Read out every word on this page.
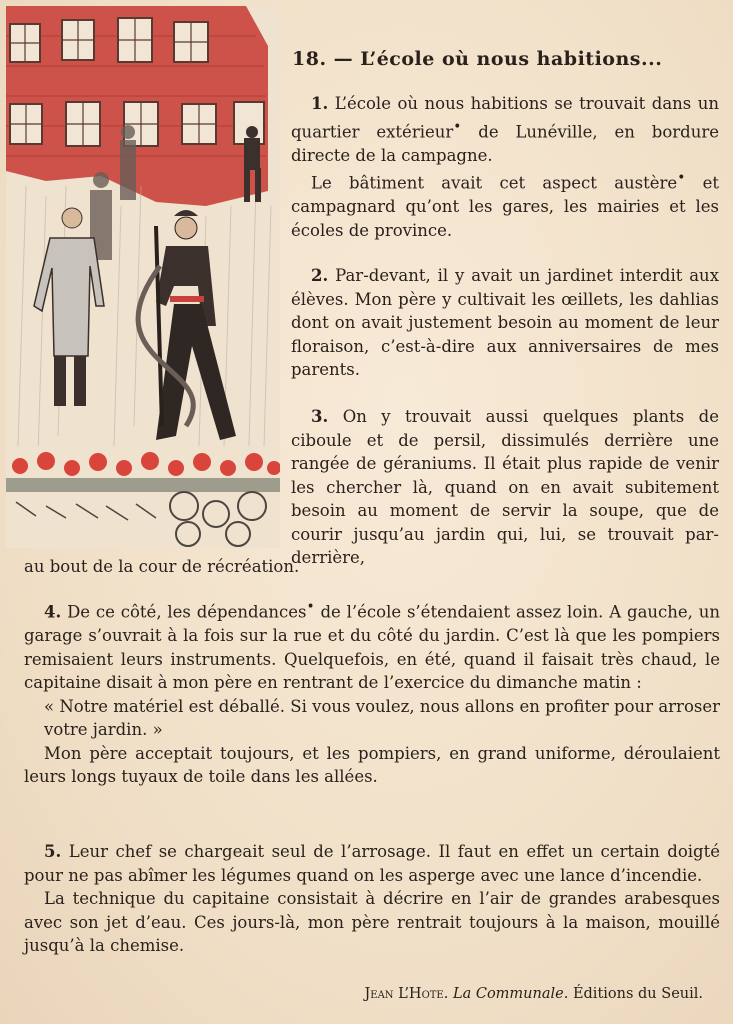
18. — L’école où nous habitions...

1. L’école où nous habitions se trouvait dans un quartier extérieur• de Lunéville, en bordure directe de la campagne.

Le bâtiment avait cet aspect austère• et campagnard qu’ont les gares, les mairies et les écoles de province.

2. Par-devant, il y avait un jardinet interdit aux élèves. Mon père y cultivait les œillets, les dahlias dont on avait justement besoin au moment de leur floraison, c’est-à-dire aux anniversaires de mes parents.

3. On y trouvait aussi quelques plants de ciboule et de persil, dissimulés derrière une rangée de géraniums. Il était plus rapide de venir les chercher là, quand on en avait subitement besoin au moment de servir la soupe, que de courir jusqu’au jardin qui, lui, se trouvait par-derrière,

au bout de la cour de récréation.

4. De ce côté, les dépendances• de l’école s’étendaient assez loin. A gauche, un garage s’ouvrait à la fois sur la rue et du côté du jardin. C’est là que les pompiers remisaient leurs instruments. Quelquefois, en été, quand il faisait très chaud, le capitaine disait à mon père en rentrant de l’exercice du dimanche matin :

« Notre matériel est déballé. Si vous voulez, nous allons en profiter pour arroser votre jardin. »

Mon père acceptait toujours, et les pompiers, en grand uniforme, déroulaient leurs longs tuyaux de toile dans les allées.

5. Leur chef se chargeait seul de l’arrosage. Il faut en effet un certain doigté pour ne pas abîmer les légumes quand on les asperge avec une lance d’incendie.

La technique du capitaine consistait à décrire en l’air de grandes arabesques avec son jet d’eau. Ces jours-là, mon père rentrait toujours à la maison, mouillé jusqu’à la chemise.

Jean L’Hote. La Communale. Éditions du Seuil.
